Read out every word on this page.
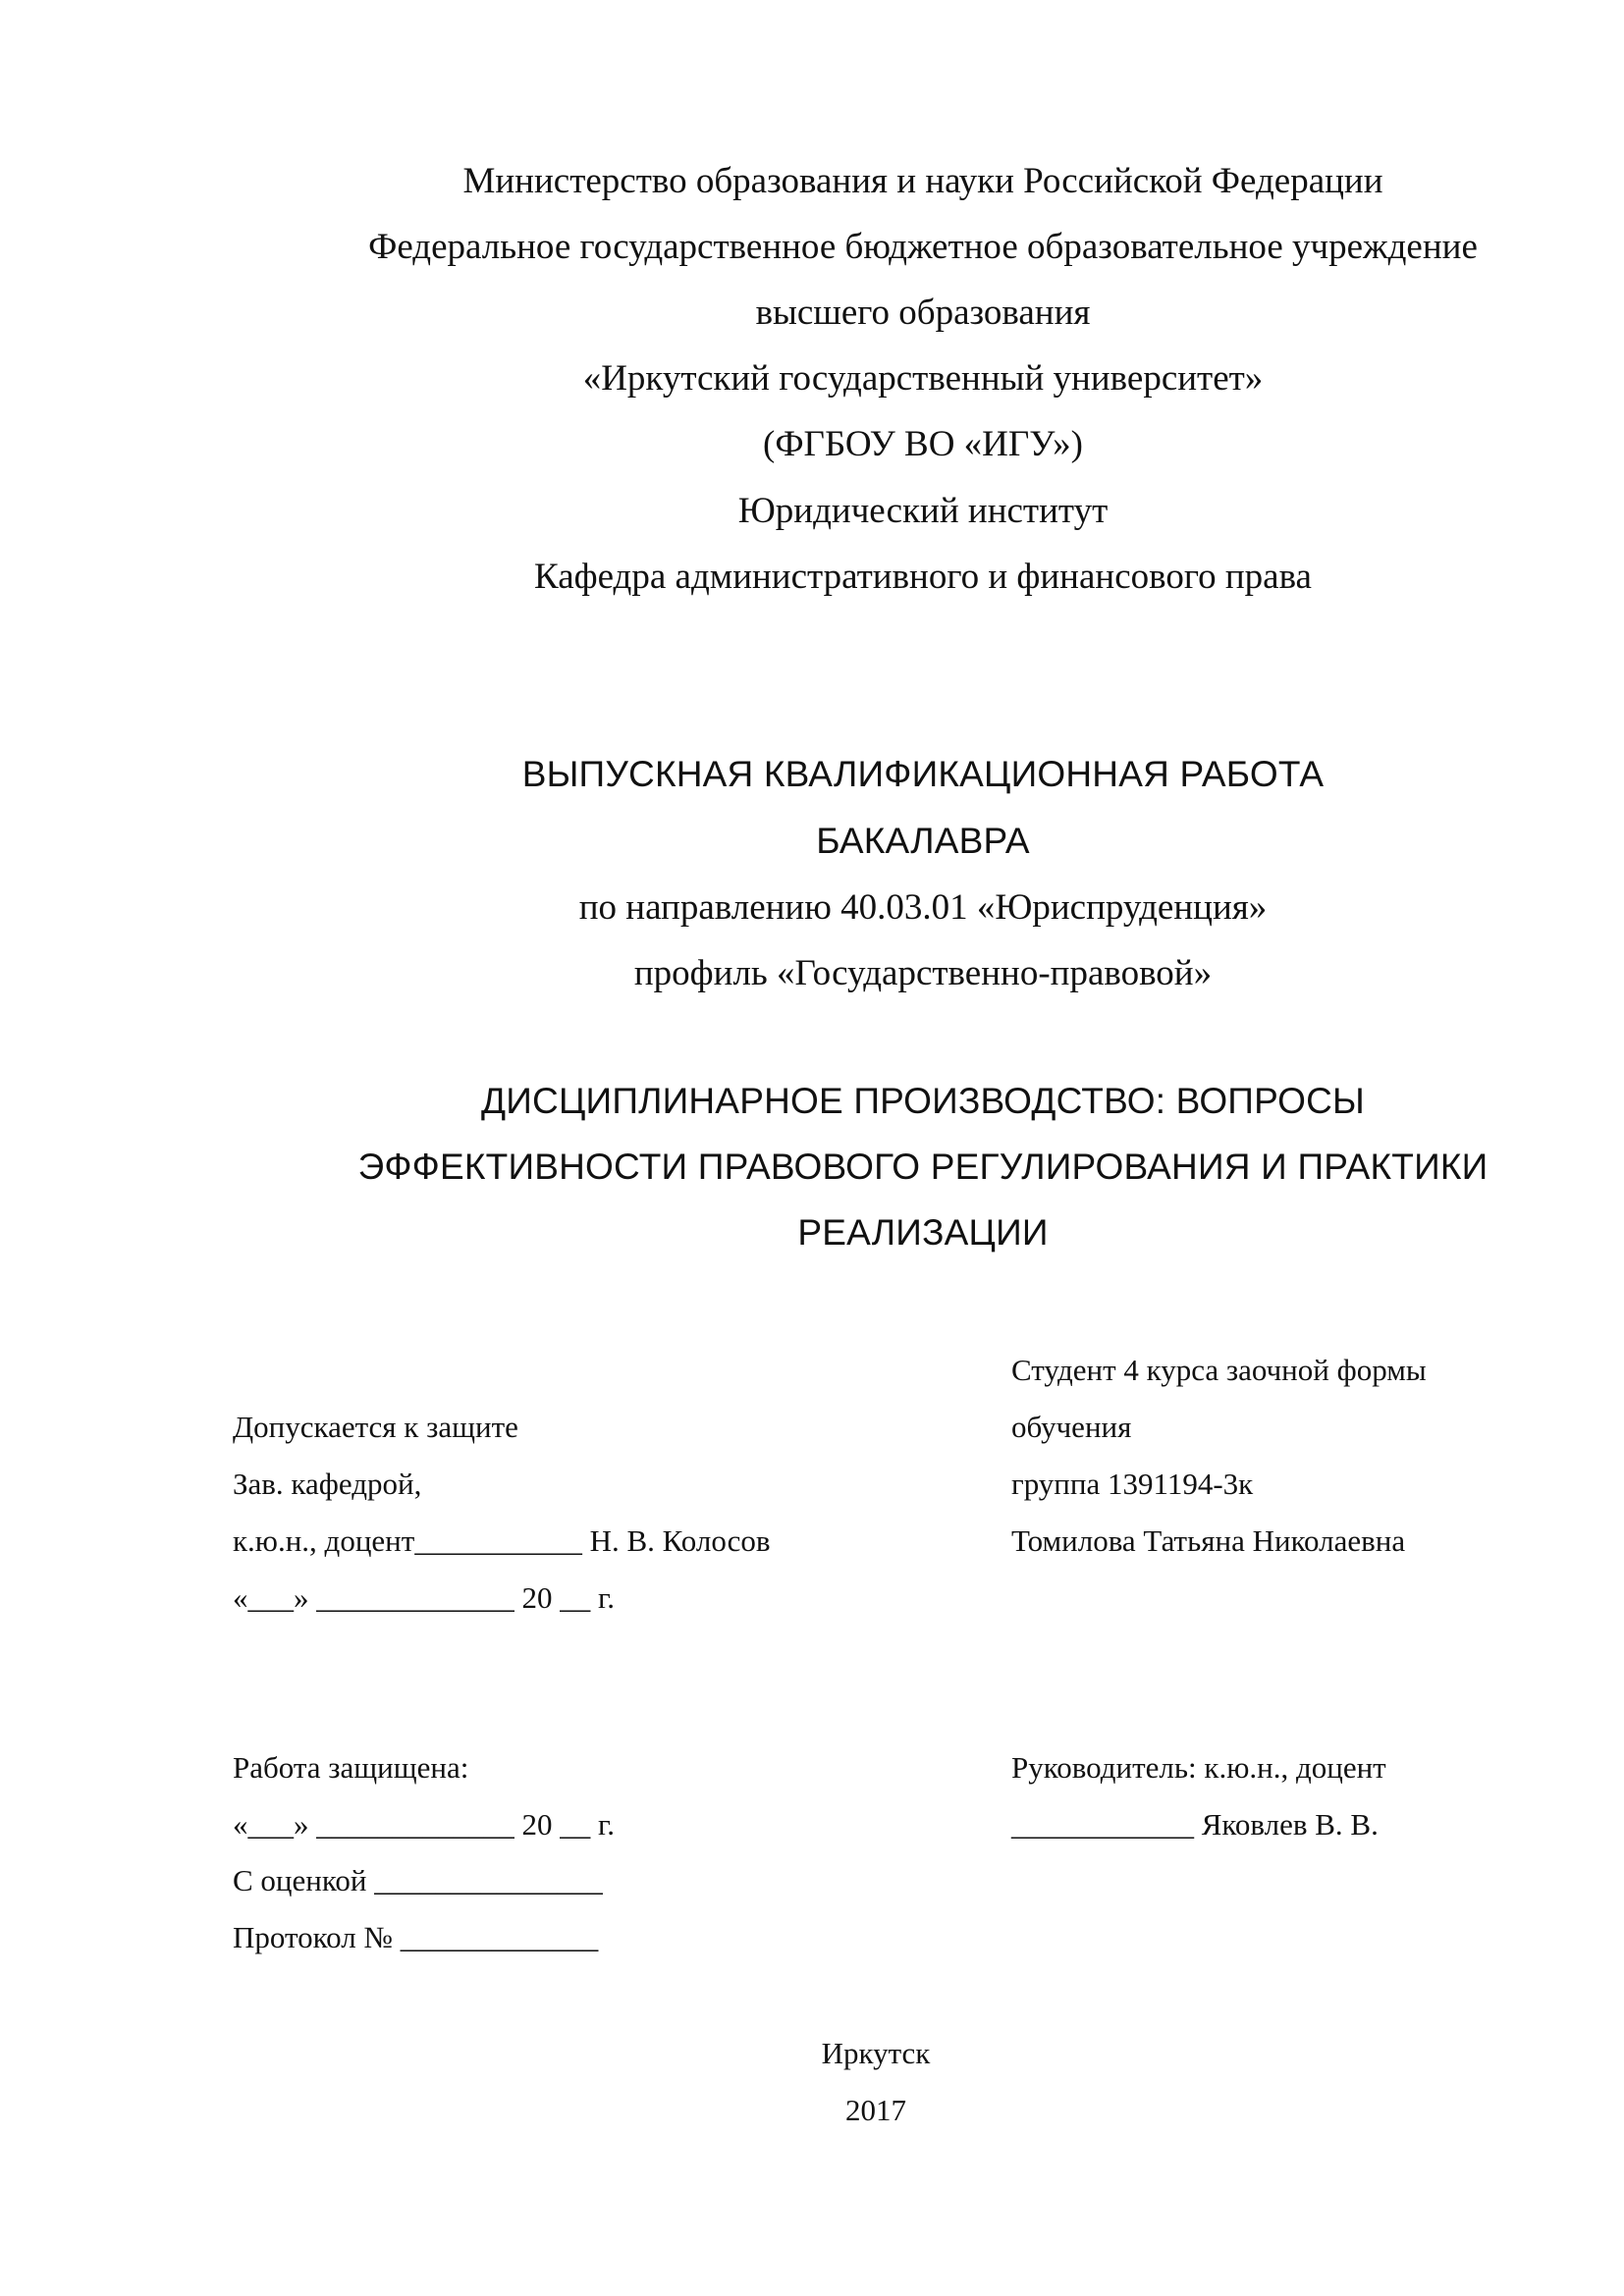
Министерство образования и науки Российской Федерации
Федеральное государственное бюджетное образовательное учреждение
высшего образования
«Иркутский государственный университет»
(ФГБОУ ВО «ИГУ»)
Юридический институт
Кафедра административного и финансового права
ВЫПУСКНАЯ КВАЛИФИКАЦИОННАЯ РАБОТА
БАКАЛАВРА
по направлению 40.03.01 «Юриспруденция»
профиль «Государственно-правовой»
ДИСЦИПЛИНАРНОЕ ПРОИЗВОДСТВО: ВОПРОСЫ
ЭФФЕКТИВНОСТИ ПРАВОВОГО РЕГУЛИРОВАНИЯ И ПРАКТИКИ
РЕАЛИЗАЦИИ
Студент 4 курса заочной формы
обучения
группа 1391194-3к
Томилова Татьяна Николаевна
Допускается к защите
Зав. кафедрой,
к.ю.н., доцент___________ Н. В. Колосов
«___» _____________ 20 __ г.
Работа защищена:
«___» _____________ 20 __ г.
С оценкой _______________
Протокол № _____________
Руководитель: к.ю.н., доцент
____________ Яковлев В. В.
Иркутск
2017
